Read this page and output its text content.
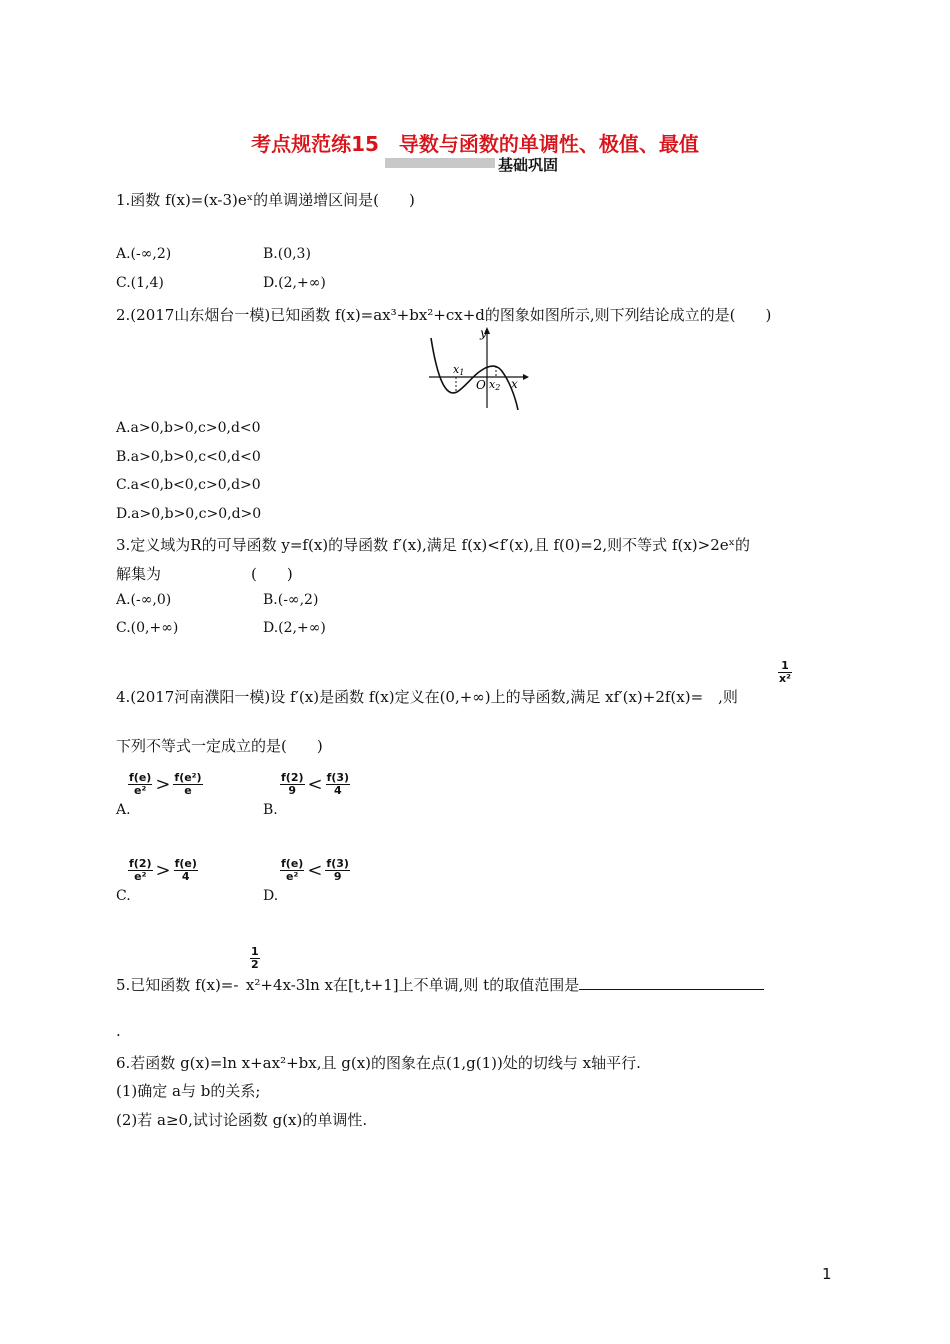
考点规范练15　导数与函数的单调性、极值、最值
基础巩固
1.函数 f(x)=(x-3)eˣ的单调递增区间是(　　)
A.(-∞,2)	B.(0,3)
C.(1,4)	D.(2,+∞)
2.(2017山东烟台一模)已知函数 f(x)=ax³+bx²+cx+d的图象如图所示,则下列结论成立的是(　　)
x1
x2
O
y
x
A.a>0,b>0,c>0,d<0
B.a>0,b>0,c<0,d<0
C.a<0,b<0,c>0,d>0
D.a>0,b>0,c>0,d>0
3.定义域为R的可导函数 y=f(x)的导函数 f′(x),满足 f(x)<f′(x),且 f(0)=2,则不等式 f(x)>2eˣ的
解集为　　　　　　(　　)
A.(-∞,0)	B.(-∞,2)
C.(0,+∞)	D.(2,+∞)
$\frac{1}{\text{x²}}$
4.(2017河南濮阳一模)设 f′(x)是函数 f(x)定义在(0,+∞)上的导函数,满足 xf′(x)+2f(x)=　,则
下列不等式一定成立的是(　　)
$\frac{f(e)}{\text{e²}} > \frac{\text{f(e²)}}{e}$
A.
$\frac{f(2)}{9} < \frac{f(3)}{4}$
B.
$\frac{f(2)}{\text{e²}} > \frac{f(e)}{4}$
C.
$\frac{f(e)}{\text{e²}} < \frac{f(3)}{9}$
D.
$\frac{1}{2}$
5.已知函数 f(x)=- x²+4x-3ln x在[t,t+1]上不单调,则 t的取值范围是
.
6.若函数 g(x)=ln x+ax²+bx,且 g(x)的图象在点(1,g(1))处的切线与 x轴平行.
(1)确定 a与 b的关系;
(2)若 a≥0,试讨论函数 g(x)的单调性.
1
